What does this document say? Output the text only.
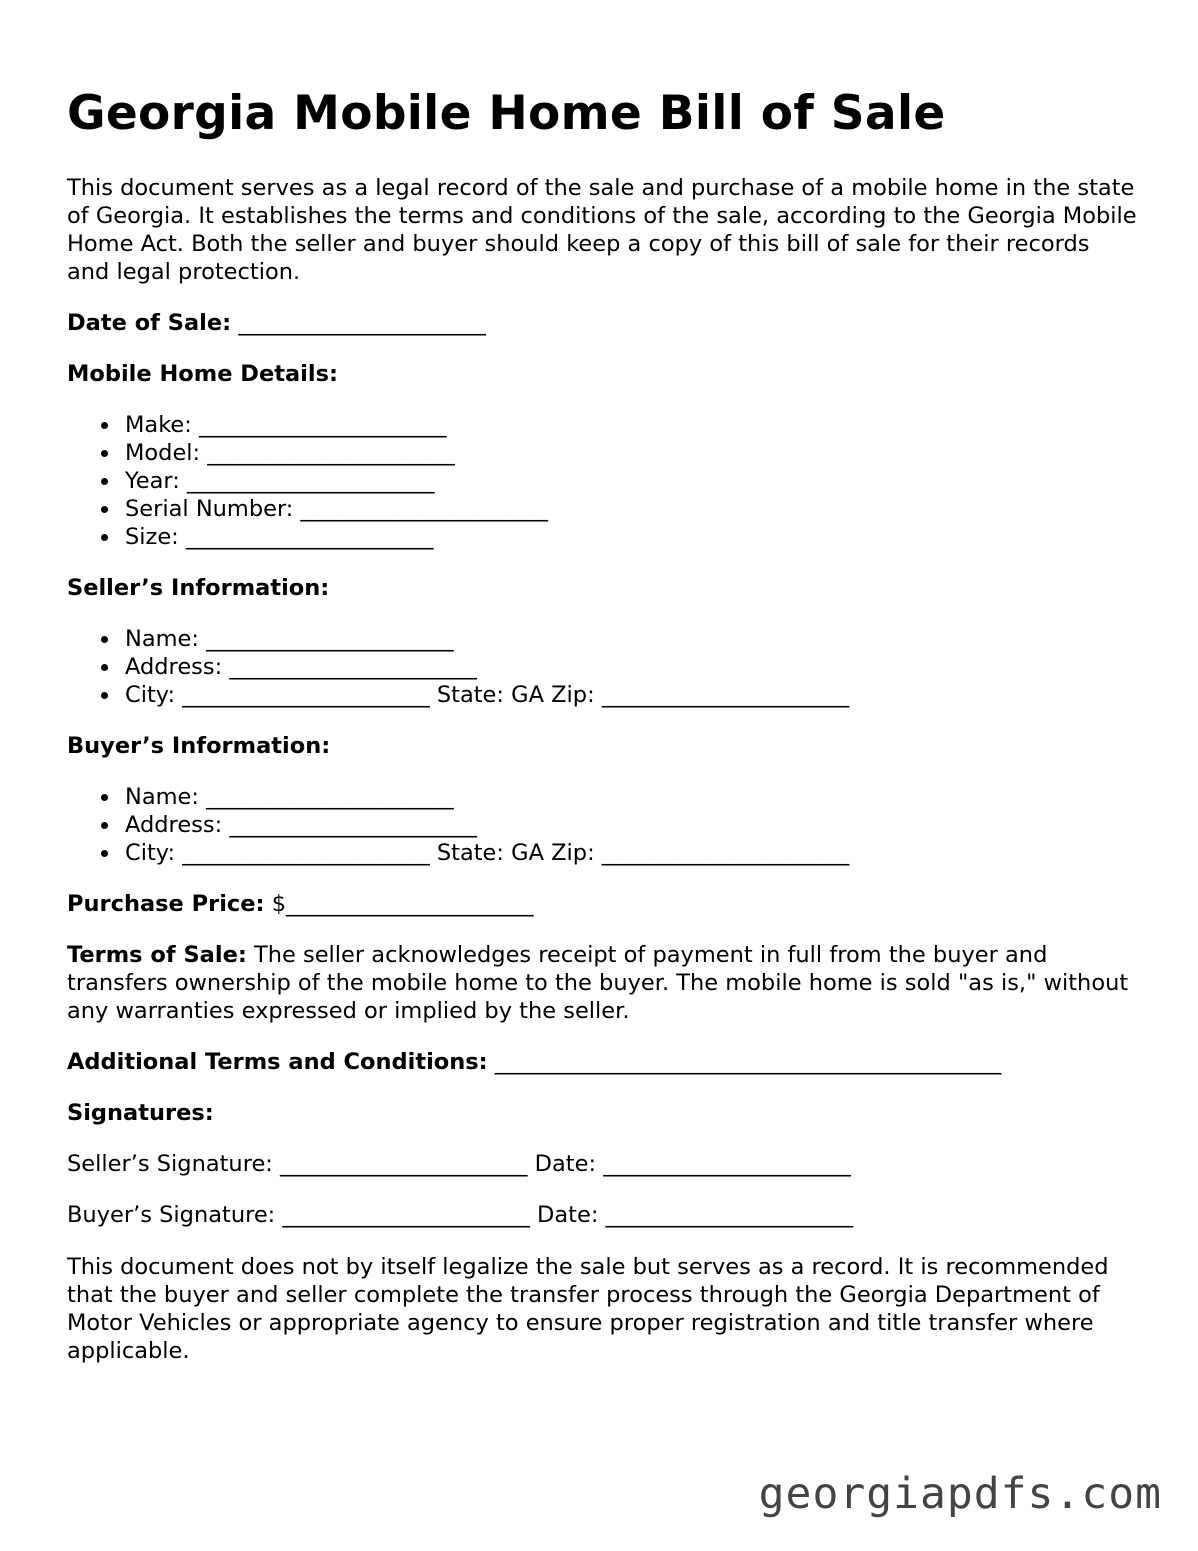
Georgia Mobile Home Bill of Sale

This document serves as a legal record of the sale and purchase of a mobile home in the state of Georgia. It establishes the terms and conditions of the sale, according to the Georgia Mobile Home Act. Both the seller and buyer should keep a copy of this bill of sale for their records and legal protection.

Date of Sale: ______________________

Mobile Home Details:

Make: ______________________
Model: ______________________
Year: ______________________
Serial Number: ______________________
Size: ______________________

Seller’s Information:

Name: ______________________
Address: ______________________
City: ______________________ State: GA Zip: ______________________

Buyer’s Information:

Name: ______________________
Address: ______________________
City: ______________________ State: GA Zip: ______________________

Purchase Price: $______________________

Terms of Sale: The seller acknowledges receipt of payment in full from the buyer and transfers ownership of the mobile home to the buyer. The mobile home is sold "as is," without any warranties expressed or implied by the seller.

Additional Terms and Conditions: _____________________________________________

Signatures:

Seller’s Signature: ______________________ Date: ______________________

Buyer’s Signature: ______________________ Date: ______________________

This document does not by itself legalize the sale but serves as a record. It is recommended that the buyer and seller complete the transfer process through the Georgia Department of Motor Vehicles or appropriate agency to ensure proper registration and title transfer where applicable.

georgiapdfs.com
